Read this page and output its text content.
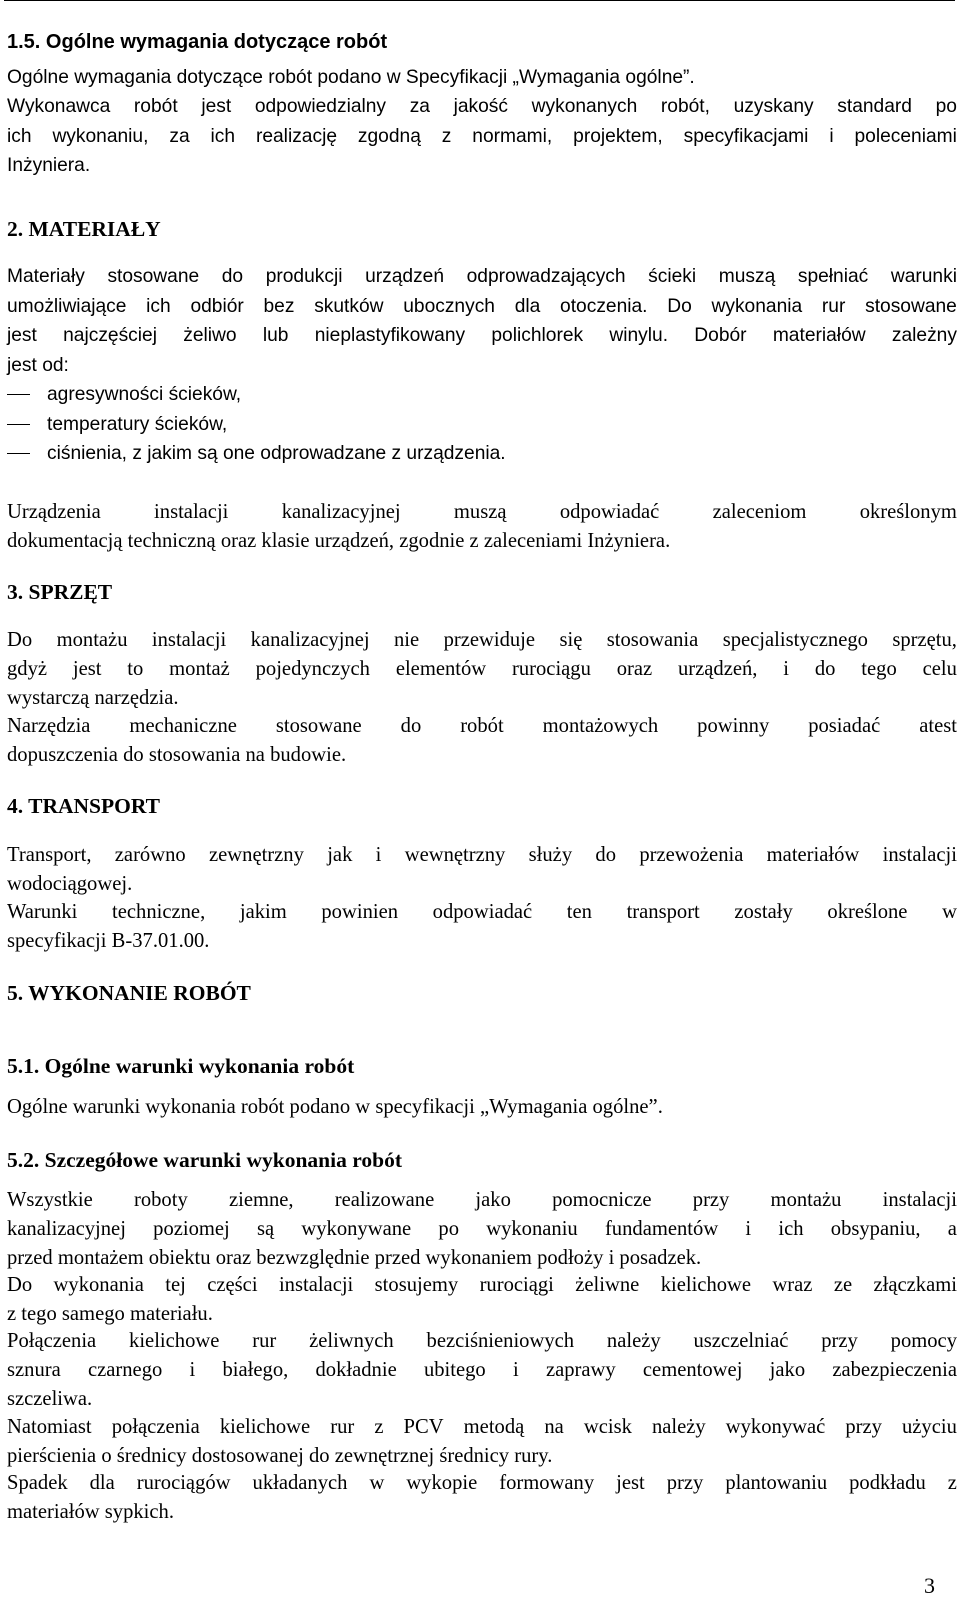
1.5. Ogólne wymagania dotyczące robót
Ogólne wymagania dotyczące robót podano w Specyfikacji „Wymagania ogólne”.
Wykonawca robót jest odpowiedzialny za jakość wykonanych robót, uzyskany standard po
ich wykonaniu, za ich realizację zgodną z normami, projektem, specyfikacjami i poleceniami
Inżyniera.
2. MATERIAŁY
Materiały stosowane do produkcji urządzeń odprowadzających ścieki muszą spełniać warunki
umożliwiające ich odbiór bez skutków ubocznych dla otoczenia. Do wykonania rur stosowane
jest najczęściej żeliwo lub nieplastyfikowany polichlorek winylu. Dobór materiałów zależny
jest od:
agresywności ścieków,
temperatury ścieków,
ciśnienia, z jakim są one odprowadzane z urządzenia.
Urządzenia	instalacji	kanalizacyjnej	muszą	odpowiadać	zaleceniom	określonym
dokumentacją techniczną oraz klasie urządzeń, zgodnie z zaleceniami Inżyniera.
3. SPRZĘT
Do montażu instalacji kanalizacyjnej nie przewiduje się stosowania specjalistycznego sprzętu,
gdyż jest to montaż pojedynczych elementów rurociągu oraz urządzeń, i do tego celu
wystarczą narzędzia.
Narzędzia mechaniczne stosowane do robót montażowych powinny posiadać atest
dopuszczenia do stosowania na budowie.
4. TRANSPORT
Transport, zarówno zewnętrzny jak i wewnętrzny służy do przewożenia materiałów instalacji
wodociągowej.
Warunki techniczne, jakim powinien odpowiadać ten transport zostały określone w
specyfikacji B-37.01.00.
5. WYKONANIE ROBÓT
5.1. Ogólne warunki wykonania robót
Ogólne warunki wykonania robót podano w specyfikacji „Wymagania ogólne”.
5.2. Szczegółowe warunki wykonania robót
Wszystkie roboty ziemne, realizowane jako pomocnicze przy montażu instalacji
kanalizacyjnej poziomej są wykonywane po wykonaniu fundamentów i ich obsypaniu, a
przed montażem obiektu oraz bezwzględnie przed wykonaniem podłoży i posadzek.
Do wykonania tej części instalacji stosujemy rurociągi żeliwne kielichowe wraz ze złączkami
z tego samego materiału.
Połączenia kielichowe rur żeliwnych bezciśnieniowych należy uszczelniać przy pomocy
sznura czarnego i białego, dokładnie ubitego i zaprawy cementowej jako zabezpieczenia
szczeliwa.
Natomiast połączenia kielichowe rur z PCV metodą na wcisk należy wykonywać przy użyciu
pierścienia o średnicy dostosowanej do zewnętrznej średnicy rury.
Spadek dla rurociągów układanych w wykopie formowany jest przy plantowaniu podkładu z
materiałów sypkich.
3
